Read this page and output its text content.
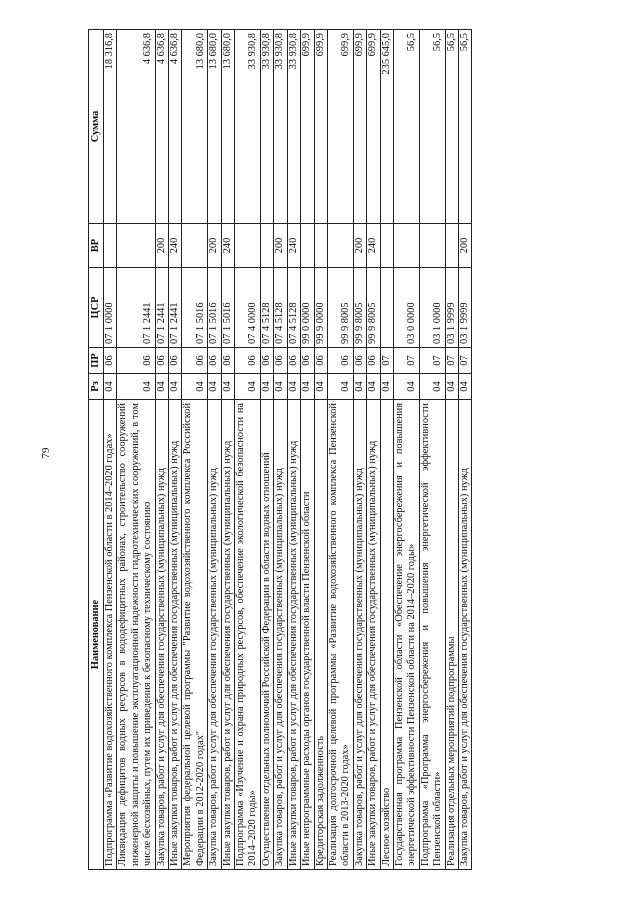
79
Наименование	Рз	ПР	ЦСР	ВР	Сумма
Подпрограмма «Развитие водохозяйственного комплекса Пензенской области в 2014–2020 годах»	04	06	07 1 0000		18 316,8
Ликвидация дефицитов водных ресурсов в вододефицитных районах, строительство сооружений инженерной защиты и повышение эксплуатационной надежности гидротехнических сооружений, в том числе бесхозяйных, путем их приведения к безопасному техническому состоянию	04	06	07 1 2441		4 636,8
Закупка товаров, работ и услуг для обеспечения государственных (муниципальных) нужд	04	06	07 1 2441	200	4 636,8
Иные закупки товаров, работ и услуг для обеспечения государственных (муниципальных) нужд	04	06	07 1 2441	240	4 636,8
Мероприятия федеральной целевой программы "Развитие водохозяйственного комплекса Российской Федерации в 2012-2020 годах"	04	06	07 1 5016		13 680,0
Закупка товаров, работ и услуг для обеспечения государственных (муниципальных) нужд	04	06	07 1 5016	200	13 680,0
Иные закупки товаров, работ и услуг для обеспечения государственных (муниципальных) нужд	04	06	07 1 5016	240	13 680,0
Подпрограмма «Изучение и охрана природных ресурсов, обеспечение экологической безопасности на 2014–2020 годы»	04	06	07 4 0000		33 930,8
Осуществление отдельных полномочий Российской Федерации в области водных отношений	04	06	07 4 5128		33 930,8
Закупка товаров, работ и услуг для обеспечения государственных (муниципальных) нужд	04	06	07 4 5128	200	33 930,8
Иные закупки товаров, работ и услуг для обеспечения государственных (муниципальных) нужд	04	06	07 4 5128	240	33 930,8
Иные непрограммные расходы органов государственной власти Пензенской области	04	06	99 0 0000		699,9
Кредиторская задолженность	04	06	99 9 0000		699,9
Реализация долгосрочной целевой программы «Развитие водохозяйственного комплекса Пензенской области в 2013-2020 годах»	04	06	99 9 8005		699,9
Закупка товаров, работ и услуг для обеспечения государственных (муниципальных) нужд	04	06	99 9 8005	200	699,9
Иные закупки товаров, работ и услуг для обеспечения государственных (муниципальных) нужд	04	06	99 9 8005	240	699,9
Лесное хозяйство	04	07			235 645,0
Государственная программа Пензенской области «Обеспечение энергосбережения и повышения энергетической эффективности Пензенской области на 2014–2020 годы»	04	07	03 0 0000		56,5
Подпрограмма «Программа энергосбережения и повышения энергетической эффективности Пензенской области»	04	07	03 1 0000		56,5
Реализация отдельных мероприятий подпрограммы	04	07	03 1 9999		56,5
Закупка товаров, работ и услуг для обеспечения государственных (муниципальных) нужд	04	07	03 1 9999	200	56,5
